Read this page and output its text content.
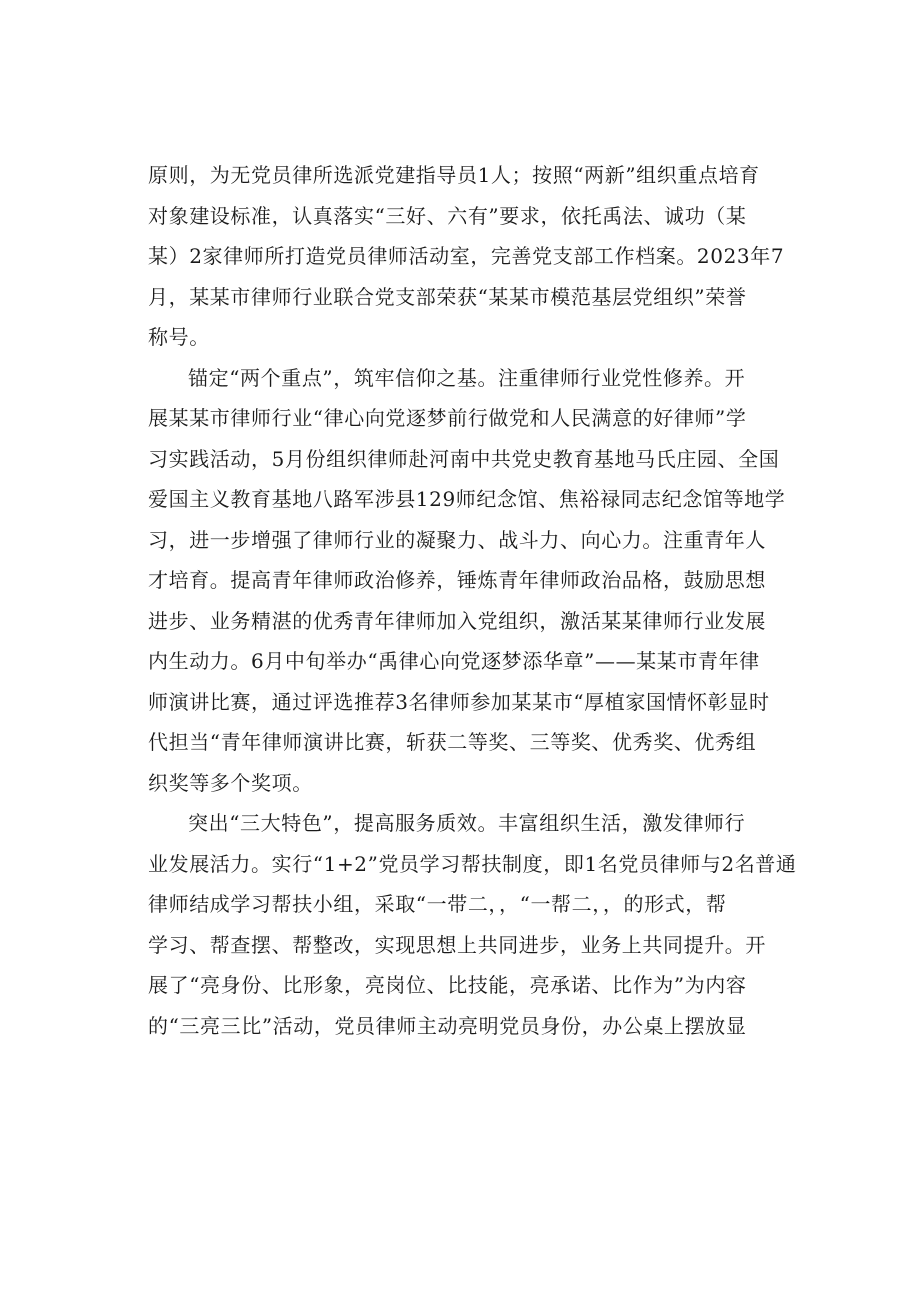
原则，为无党员律所选派党建指导员1人；按照“两新”组织重点培育
对象建设标准，认真落实“三好、六有”要求，依托禹法、诚功（某
某）2家律师所打造党员律师活动室，完善党支部工作档案。2023年7
月，某某市律师行业联合党支部荣获“某某市模范基层党组织”荣誉
称号。
锚定“两个重点”，筑牢信仰之基。注重律师行业党性修养。开
展某某市律师行业“律心向党逐梦前行做党和人民满意的好律师”学
习实践活动，5月份组织律师赴河南中共党史教育基地马氏庄园、全国
爱国主义教育基地八路军涉县129师纪念馆、焦裕禄同志纪念馆等地学
习，进一步增强了律师行业的凝聚力、战斗力、向心力。注重青年人
才培育。提高青年律师政治修养，锤炼青年律师政治品格，鼓励思想
进步、业务精湛的优秀青年律师加入党组织，激活某某律师行业发展
内生动力。6月中旬举办“禹律心向党逐梦添华章”——某某市青年律
师演讲比赛，通过评选推荐3名律师参加某某市“厚植家国情怀彰显时
代担当“青年律师演讲比赛，斩获二等奖、三等奖、优秀奖、优秀组
织奖等多个奖项。
突出“三大特色”，提高服务质效。丰富组织生活，激发律师行
业发展活力。实行“1+2”党员学习帮扶制度，即1名党员律师与2名普通
律师结成学习帮扶小组，采取“一带二，，“一帮二，，的形式，帮
学习、帮查摆、帮整改，实现思想上共同进步，业务上共同提升。开
展了“亮身份、比形象，亮岗位、比技能，亮承诺、比作为”为内容
的“三亮三比”活动，党员律师主动亮明党员身份，办公桌上摆放显
